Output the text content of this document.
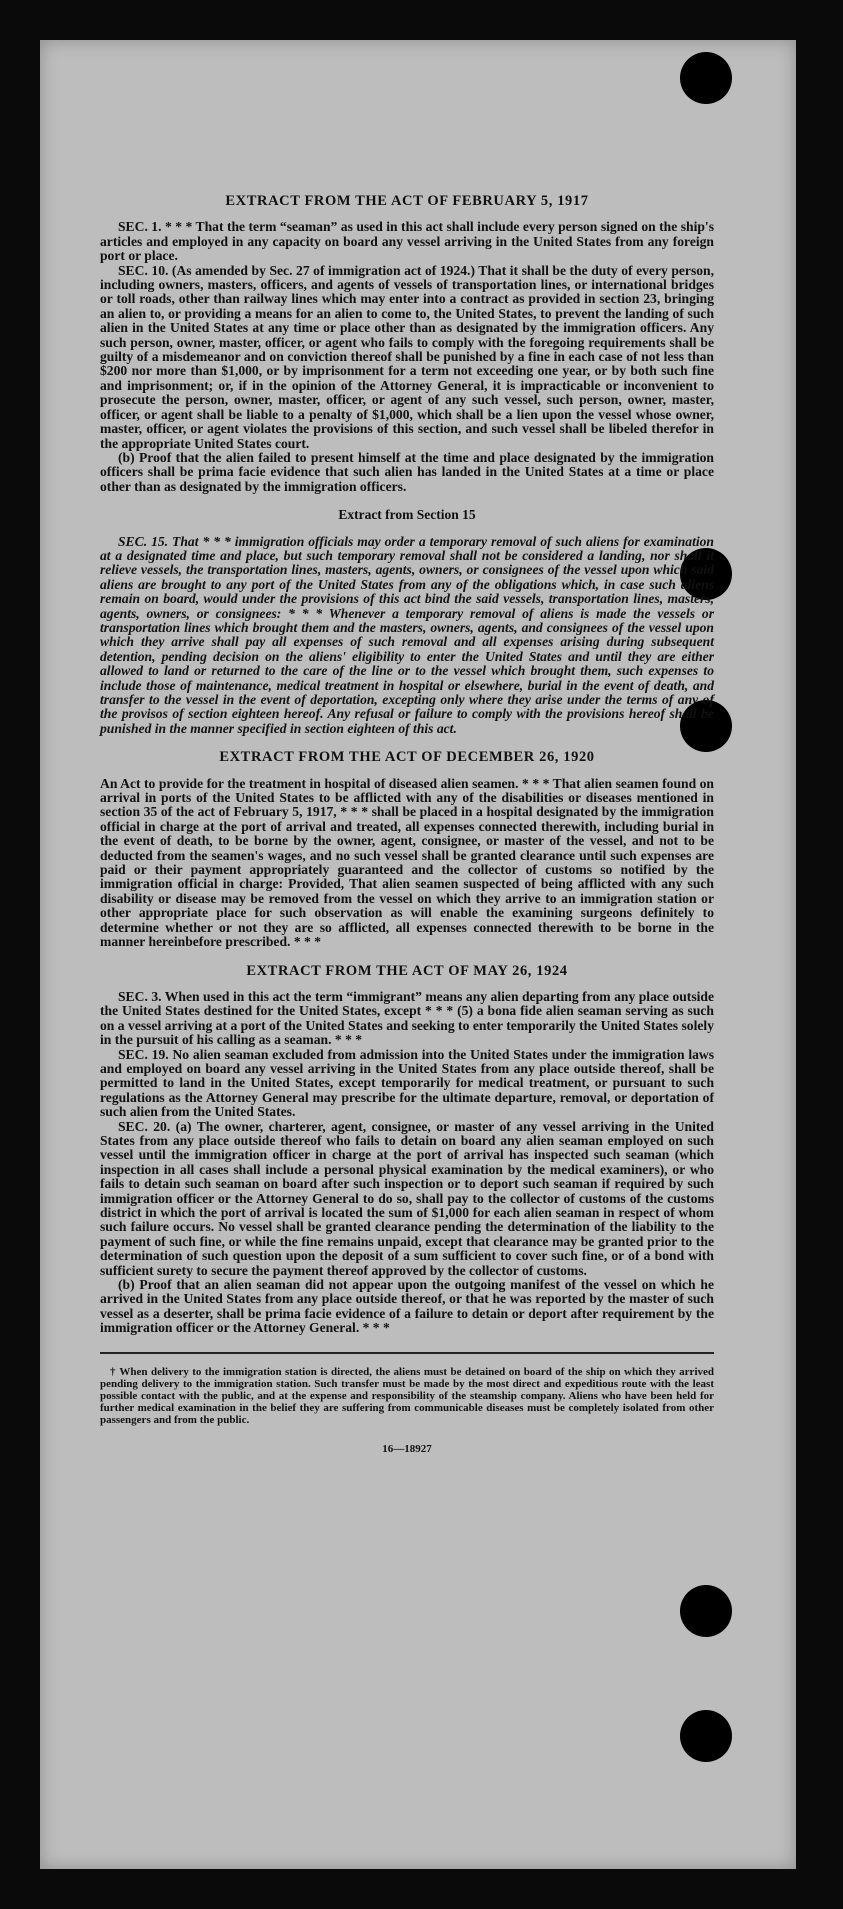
EXTRACT FROM THE ACT OF FEBRUARY 5, 1917

SEC. 1. * * * That the term “seaman” as used in this act shall include every person signed on the ship's articles and employed in any capacity on board any vessel arriving in the United States from any foreign port or place.

SEC. 10. (As amended by Sec. 27 of immigration act of 1924.) That it shall be the duty of every person, including owners, masters, officers, and agents of vessels of transportation lines, or international bridges or toll roads, other than railway lines which may enter into a contract as provided in section 23, bringing an alien to, or providing a means for an alien to come to, the United States, to prevent the landing of such alien in the United States at any time or place other than as designated by the immigration officers. Any such person, owner, master, officer, or agent who fails to comply with the foregoing requirements shall be guilty of a misdemeanor and on conviction thereof shall be punished by a fine in each case of not less than $200 nor more than $1,000, or by imprisonment for a term not exceeding one year, or by both such fine and imprisonment; or, if in the opinion of the Attorney General, it is impracticable or inconvenient to prosecute the person, owner, master, officer, or agent of any such vessel, such person, owner, master, officer, or agent shall be liable to a penalty of $1,000, which shall be a lien upon the vessel whose owner, master, officer, or agent violates the provisions of this section, and such vessel shall be libeled therefor in the appropriate United States court.

(b) Proof that the alien failed to present himself at the time and place designated by the immigration officers shall be prima facie evidence that such alien has landed in the United States at a time or place other than as designated by the immigration officers.

Extract from Section 15

SEC. 15. That * * * immigration officials may order a temporary removal of such aliens for examination at a designated time and place, but such temporary removal shall not be considered a landing, nor shall it relieve vessels, the transportation lines, masters, agents, owners, or consignees of the vessel upon which said aliens are brought to any port of the United States from any of the obligations which, in case such aliens remain on board, would under the provisions of this act bind the said vessels, transportation lines, masters, agents, owners, or consignees: * * * Whenever a temporary removal of aliens is made the vessels or transportation lines which brought them and the masters, owners, agents, and consignees of the vessel upon which they arrive shall pay all expenses of such removal and all expenses arising during subsequent detention, pending decision on the aliens' eligibility to enter the United States and until they are either allowed to land or returned to the care of the line or to the vessel which brought them, such expenses to include those of maintenance, medical treatment in hospital or elsewhere, burial in the event of death, and transfer to the vessel in the event of deportation, excepting only where they arise under the terms of any of the provisos of section eighteen hereof. Any refusal or failure to comply with the provisions hereof shall be punished in the manner specified in section eighteen of this act.

EXTRACT FROM THE ACT OF DECEMBER 26, 1920

An Act to provide for the treatment in hospital of diseased alien seamen. * * * That alien seamen found on arrival in ports of the United States to be afflicted with any of the disabilities or diseases mentioned in section 35 of the act of February 5, 1917, * * * shall be placed in a hospital designated by the immigration official in charge at the port of arrival and treated, all expenses connected therewith, including burial in the event of death, to be borne by the owner, agent, consignee, or master of the vessel, and not to be deducted from the seamen's wages, and no such vessel shall be granted clearance until such expenses are paid or their payment appropriately guaranteed and the collector of customs so notified by the immigration official in charge: Provided, That alien seamen suspected of being afflicted with any such disability or disease may be removed from the vessel on which they arrive to an immigration station or other appropriate place for such observation as will enable the examining surgeons definitely to determine whether or not they are so afflicted, all expenses connected therewith to be borne in the manner hereinbefore prescribed. * * *

EXTRACT FROM THE ACT OF MAY 26, 1924

SEC. 3. When used in this act the term “immigrant” means any alien departing from any place outside the United States destined for the United States, except * * * (5) a bona fide alien seaman serving as such on a vessel arriving at a port of the United States and seeking to enter temporarily the United States solely in the pursuit of his calling as a seaman. * * *

SEC. 19. No alien seaman excluded from admission into the United States under the immigration laws and employed on board any vessel arriving in the United States from any place outside thereof, shall be permitted to land in the United States, except temporarily for medical treatment, or pursuant to such regulations as the Attorney General may prescribe for the ultimate departure, removal, or deportation of such alien from the United States.

SEC. 20. (a) The owner, charterer, agent, consignee, or master of any vessel arriving in the United States from any place outside thereof who fails to detain on board any alien seaman employed on such vessel until the immigration officer in charge at the port of arrival has inspected such seaman (which inspection in all cases shall include a personal physical examination by the medical examiners), or who fails to detain such seaman on board after such inspection or to deport such seaman if required by such immigration officer or the Attorney General to do so, shall pay to the collector of customs of the customs district in which the port of arrival is located the sum of $1,000 for each alien seaman in respect of whom such failure occurs. No vessel shall be granted clearance pending the determination of the liability to the payment of such fine, or while the fine remains unpaid, except that clearance may be granted prior to the determination of such question upon the deposit of a sum sufficient to cover such fine, or of a bond with sufficient surety to secure the payment thereof approved by the collector of customs.

(b) Proof that an alien seaman did not appear upon the outgoing manifest of the vessel on which he arrived in the United States from any place outside thereof, or that he was reported by the master of such vessel as a deserter, shall be prima facie evidence of a failure to detain or deport after requirement by the immigration officer or the Attorney General. * * *

† When delivery to the immigration station is directed, the aliens must be detained on board of the ship on which they arrived pending delivery to the immigration station. Such transfer must be made by the most direct and expeditious route with the least possible contact with the public, and at the expense and responsibility of the steamship company. Aliens who have been held for further medical examination in the belief they are suffering from communicable diseases must be completely isolated from other passengers and from the public.

16—18927
